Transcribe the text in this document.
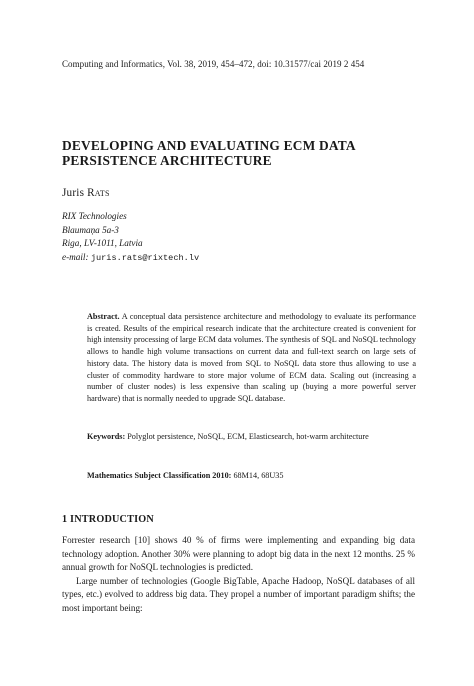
Computing and Informatics, Vol. 38, 2019, 454–472, doi: 10.31577/cai 2019 2 454
DEVELOPING AND EVALUATING ECM DATA PERSISTENCE ARCHITECTURE
Juris Rats
RIX Technologies
Blaumaņa 5a-3
Riga, LV-1011, Latvia
e-mail: juris.rats@rixtech.lv
Abstract. A conceptual data persistence architecture and methodology to evaluate its performance is created. Results of the empirical research indicate that the architecture created is convenient for high intensity processing of large ECM data volumes. The synthesis of SQL and NoSQL technology allows to handle high volume transactions on current data and full-text search on large sets of history data. The history data is moved from SQL to NoSQL data store thus allowing to use a cluster of commodity hardware to store major volume of ECM data. Scaling out (increasing a number of cluster nodes) is less expensive than scaling up (buying a more powerful server hardware) that is normally needed to upgrade SQL database.
Keywords: Polyglot persistence, NoSQL, ECM, Elasticsearch, hot-warm architecture
Mathematics Subject Classification 2010: 68M14, 68U35
1 INTRODUCTION

Forrester research [10] shows 40 % of firms were implementing and expanding big data technology adoption. Another 30% were planning to adopt big data in the next 12 months. 25 % annual growth for NoSQL technologies is predicted.

Large number of technologies (Google BigTable, Apache Hadoop, NoSQL databases of all types, etc.) evolved to address big data. They propel a number of important paradigm shifts; the most important being:
